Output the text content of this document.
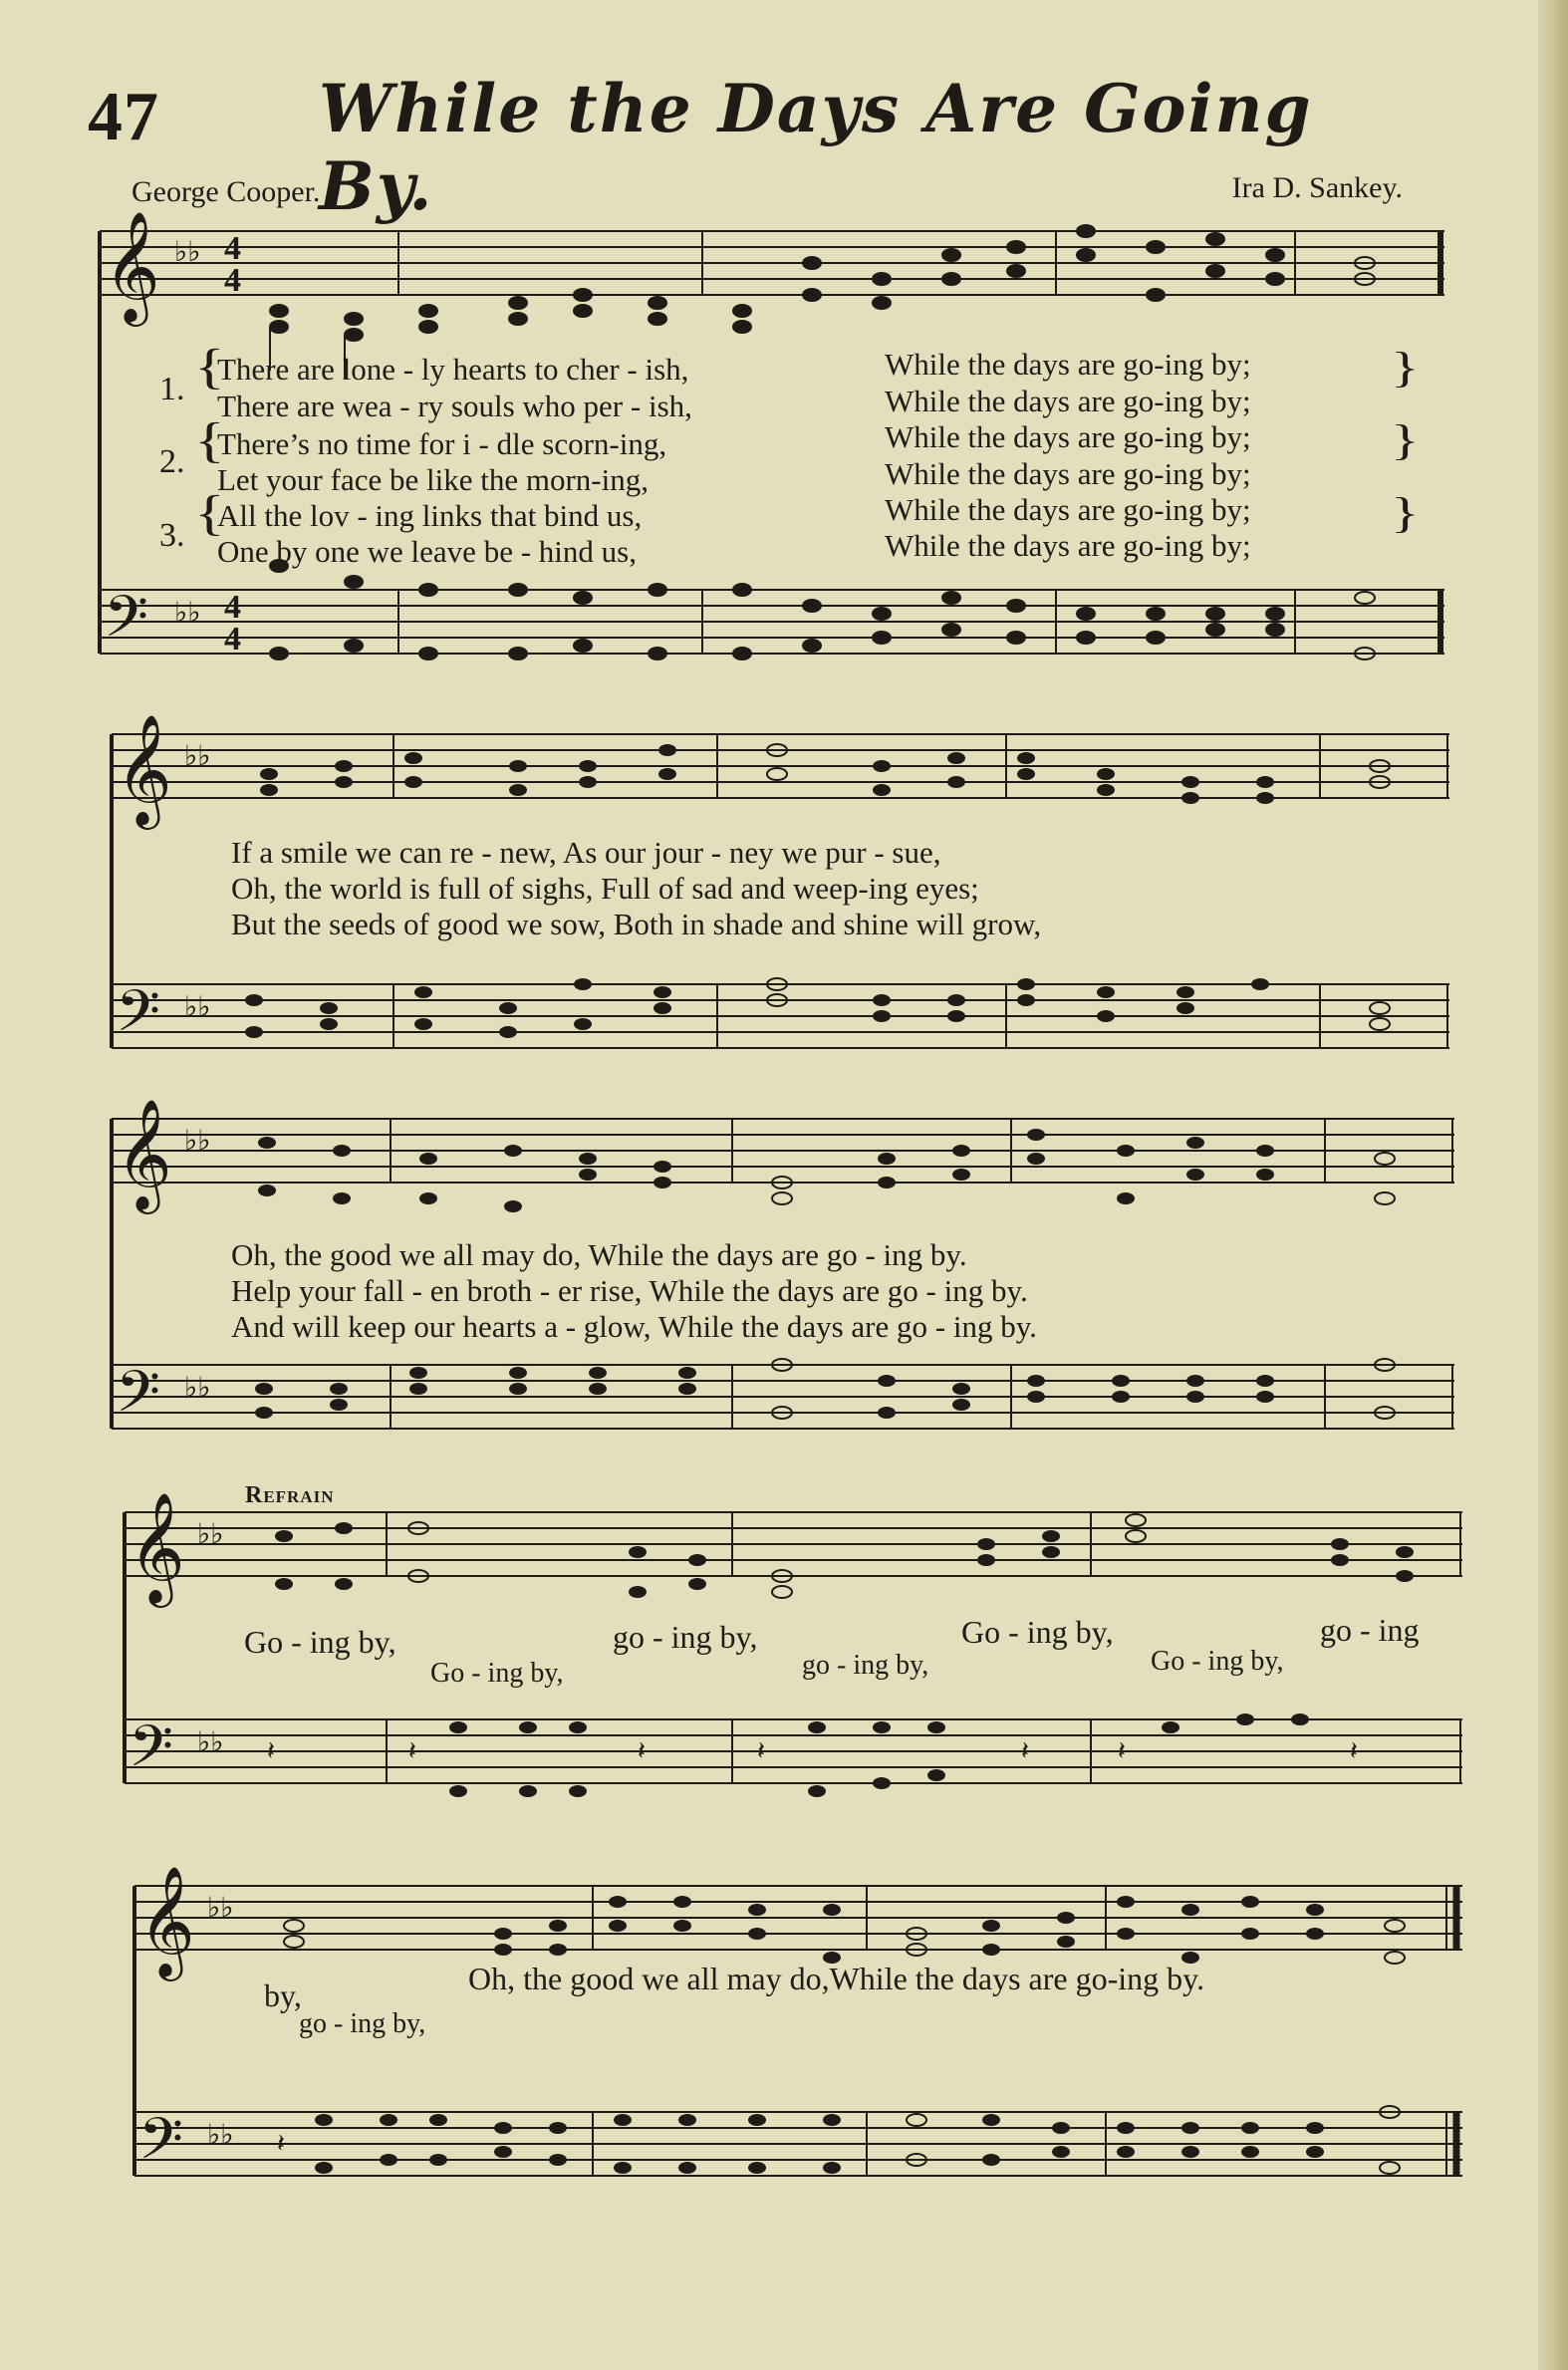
47 While the Days Are Going By.
George Cooper.	Ira D. Sankey.
𝄞
𝄢
♭♭
♭♭
4
4
4
4
1. {
There are lone - ly hearts to cher - ish,
There are wea - ry souls who per - ish,
2. {
There’s no time for i - dle scorn-ing,
Let your face be like the morn-ing,
3. {
All the lov - ing links that bind us,
One by one we leave be - hind us,
While the days are go-ing by;
While the days are go-ing by;
While the days are go-ing by;
While the days are go-ing by;
While the days are go-ing by;
While the days are go-ing by;
}
}
}
𝄞
𝄢
♭♭
♭♭
If a smile we can re - new, As our jour - ney we pur - sue,
Oh, the world is full of sighs, Full of sad and weep-ing eyes;
But the seeds of good we sow, Both in shade and shine will grow,
𝄞
𝄢
♭♭
♭♭
Oh, the good we all may do, While the days are go - ing by.
Help your fall - en broth - er rise, While the days are go - ing by.
And will keep our hearts a - glow, While the days are go - ing by.
Refrain
𝄞
𝄢
♭♭
♭♭ 𝄽	𝄽	𝄽	𝄽	𝄽	𝄽	𝄽
Go - ing by,	go - ing by,	Go - ing by,	go - ing
Go - ing by,	go - ing by,	Go - ing by,
𝄞
𝄢
♭♭
♭♭ 𝄽
by,	Oh, the good we all may do,While the days are go-ing by.
go - ing by,
